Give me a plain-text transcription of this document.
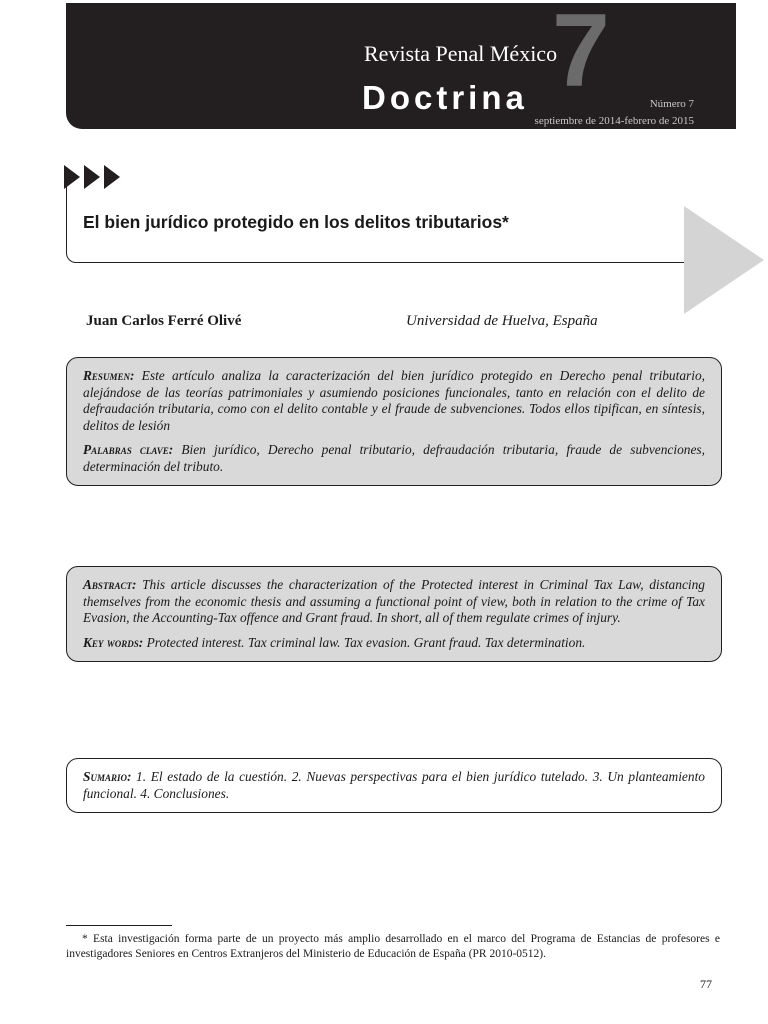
7
Revista Penal México
Doctrina	Número 7
septiembre de 2014-febrero de 2015
El bien jurídico protegido en los delitos tributarios*
Juan Carlos Ferré Olivé	Universidad de Huelva, España

Resumen: Este artículo analiza la caracterización del bien jurídico protegido en Derecho penal tributario, alejándose de las teorías patrimoniales y asumiendo posiciones funcionales, tanto en relación con el delito de defraudación tributaria, como con el delito contable y el fraude de subvenciones. Todos ellos tipifican, en síntesis, delitos de lesión

Palabras clave: Bien jurídico, Derecho penal tributario, defraudación tributaria, fraude de subvenciones, determinación del tributo.

Abstract: This article discusses the characterization of the Protected interest in Criminal Tax Law, distancing themselves from the economic thesis and assuming a functional point of view, both in relation to the crime of Tax Evasion, the Accounting-Tax offence and Grant fraud. In short, all of them regulate crimes of injury.

Key words: Protected interest. Tax criminal law. Tax evasion. Grant fraud. Tax determination.

Sumario: 1. El estado de la cuestión. 2. Nuevas perspectivas para el bien jurídico tutelado. 3. Un planteamiento funcional. 4. Conclusiones.

* Esta investigación forma parte de un proyecto más amplio desarrollado en el marco del Programa de Estancias de profesores e investigadores Seniores en Centros Extranjeros del Ministerio de Educación de España (PR 2010-0512).
77
